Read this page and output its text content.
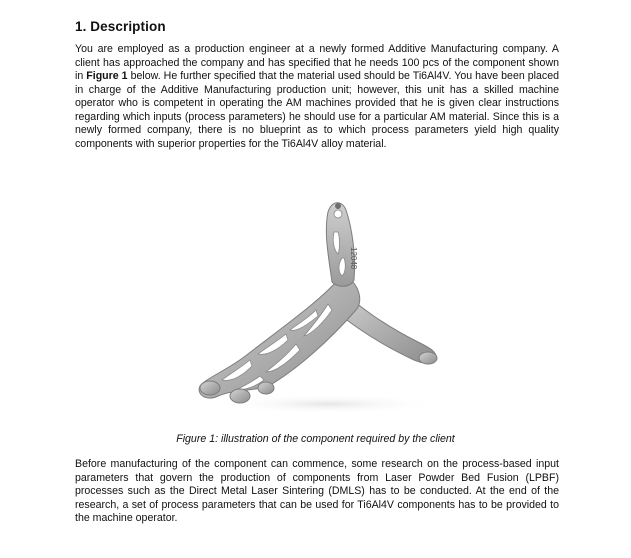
1. Description

You are employed as a production engineer at a newly formed Additive Manufacturing company. A client has approached the company and has specified that he needs 100 pcs of the component shown in Figure 1 below. He further specified that the material used should be Ti6Al4V. You have been placed in charge of the Additive Manufacturing production unit; however, this unit has a skilled machine operator who is competent in operating the AM machines provided that he is given clear instructions regarding which inputs (process parameters) he should use for a particular AM material. Since this is a newly formed company, there is no blueprint as to which process parameters yield high quality components with superior properties for the Ti6Al4V alloy material.

12048
Figure 1: illustration of the component required by the client

Before manufacturing of the component can commence, some research on the process-based input parameters that govern the production of components from Laser Powder Bed Fusion (LPBF) processes such as the Direct Metal Laser Sintering (DMLS) has to be conducted. At the end of the research, a set of process parameters that can be used for Ti6Al4V components has to be provided to the machine operator.
